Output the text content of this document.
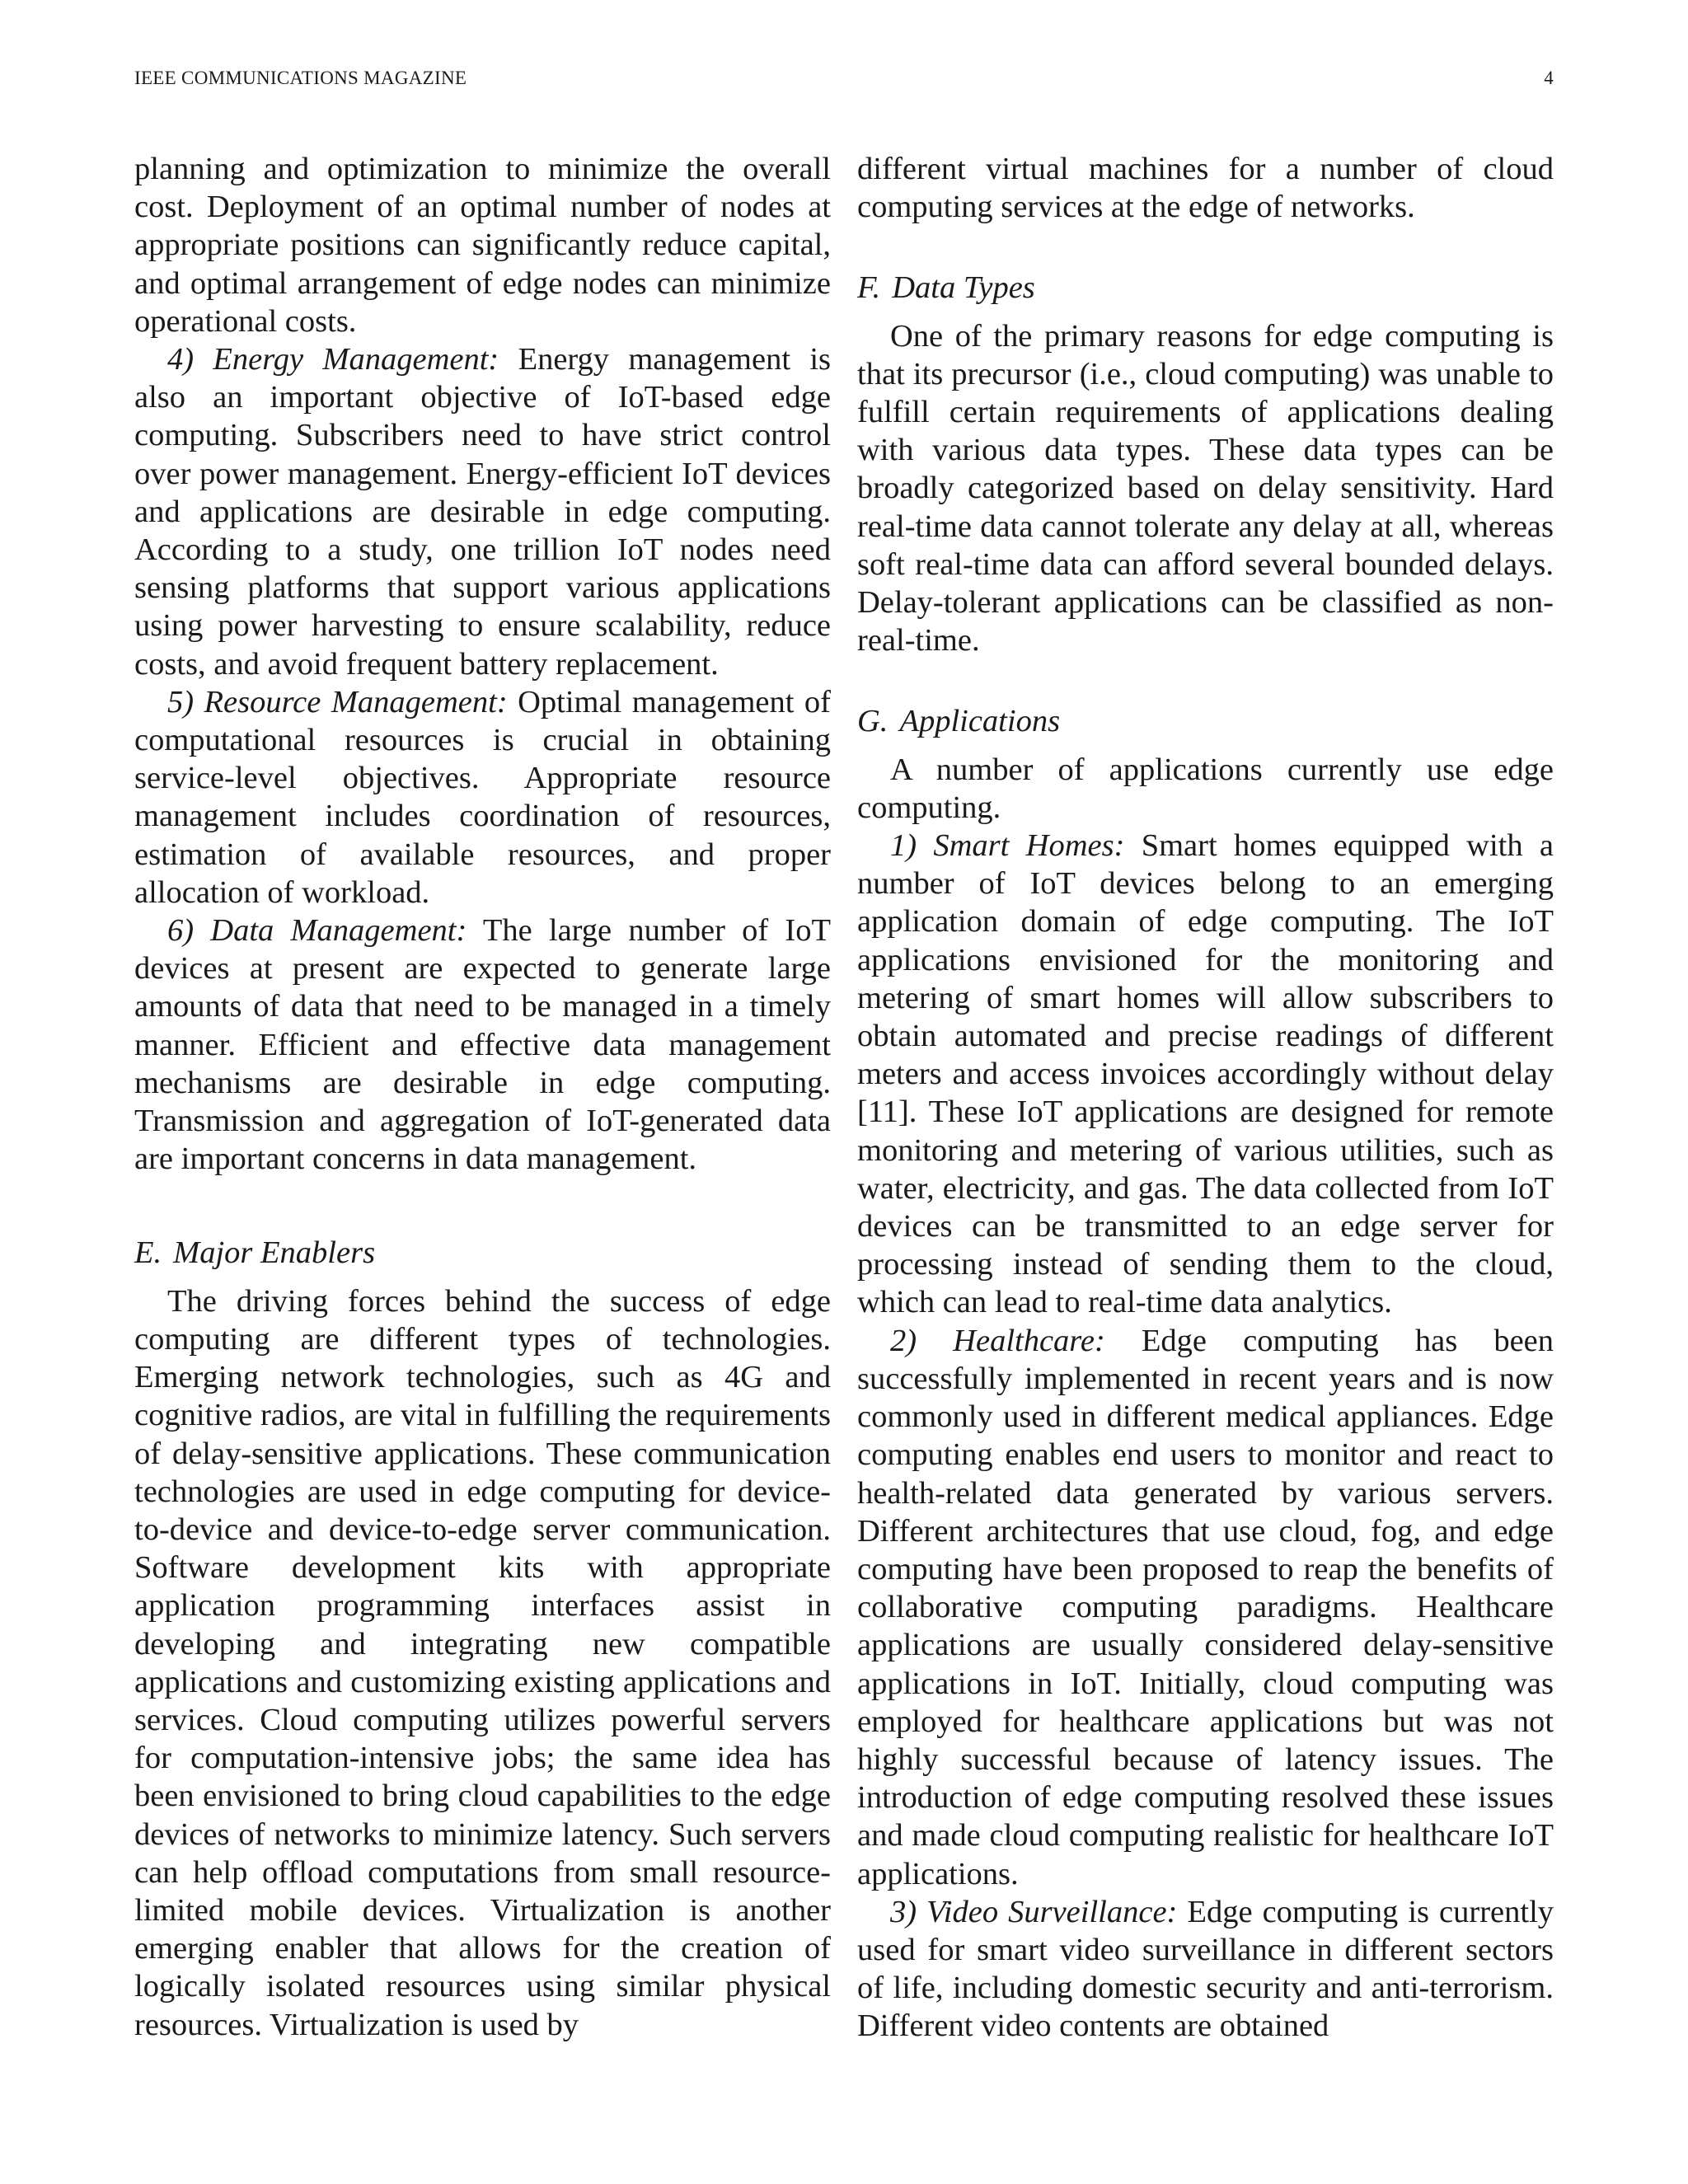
IEEE COMMUNICATIONS MAGAZINE	4

planning and optimization to minimize the overall cost. Deployment of an optimal number of nodes at appropriate positions can significantly reduce capital, and optimal arrangement of edge nodes can minimize operational costs.

4) Energy Management: Energy management is also an important objective of IoT-based edge computing. Subscribers need to have strict control over power management. Energy-efficient IoT devices and applications are desirable in edge computing. According to a study, one trillion IoT nodes need sensing platforms that support various applications using power harvesting to ensure scalability, reduce costs, and avoid frequent battery replacement.

5) Resource Management: Optimal management of computational resources is crucial in obtaining service-level objectives. Appropriate resource management includes coordination of resources, estimation of available resources, and proper allocation of workload.

6) Data Management: The large number of IoT devices at present are expected to generate large amounts of data that need to be managed in a timely manner. Efficient and effective data management mechanisms are desirable in edge computing. Transmission and aggregation of IoT-generated data are important concerns in data management.

E. Major Enablers

The driving forces behind the success of edge computing are different types of technologies. Emerging network technologies, such as 4G and cognitive radios, are vital in fulfilling the requirements of delay-sensitive applications. These communication technologies are used in edge computing for device-to-device and device-to-edge server communication. Software development kits with appropriate application programming interfaces assist in developing and integrating new compatible applications and customizing existing applications and services. Cloud computing utilizes powerful servers for computation-intensive jobs; the same idea has been envisioned to bring cloud capabilities to the edge devices of networks to minimize latency. Such servers can help offload computations from small resource-limited mobile devices. Virtualization is another emerging enabler that allows for the creation of logically isolated resources using similar physical resources. Virtualization is used by

different virtual machines for a number of cloud computing services at the edge of networks.

F. Data Types

One of the primary reasons for edge computing is that its precursor (i.e., cloud computing) was unable to fulfill certain requirements of applications dealing with various data types. These data types can be broadly categorized based on delay sensitivity. Hard real-time data cannot tolerate any delay at all, whereas soft real-time data can afford several bounded delays. Delay-tolerant applications can be classified as non-real-time.

G. Applications

A number of applications currently use edge computing.

1) Smart Homes: Smart homes equipped with a number of IoT devices belong to an emerging application domain of edge computing. The IoT applications envisioned for the monitoring and metering of smart homes will allow subscribers to obtain automated and precise readings of different meters and access invoices accordingly without delay [11]. These IoT applications are designed for remote monitoring and metering of various utilities, such as water, electricity, and gas. The data collected from IoT devices can be transmitted to an edge server for processing instead of sending them to the cloud, which can lead to real-time data analytics.

2) Healthcare: Edge computing has been successfully implemented in recent years and is now commonly used in different medical appliances. Edge computing enables end users to monitor and react to health-related data generated by various servers. Different architectures that use cloud, fog, and edge computing have been proposed to reap the benefits of collaborative computing paradigms. Healthcare applications are usually considered delay-sensitive applications in IoT. Initially, cloud computing was employed for healthcare applications but was not highly successful because of latency issues. The introduction of edge computing resolved these issues and made cloud computing realistic for healthcare IoT applications.

3) Video Surveillance: Edge computing is currently used for smart video surveillance in different sectors of life, including domestic security and anti-terrorism. Different video contents are obtained
